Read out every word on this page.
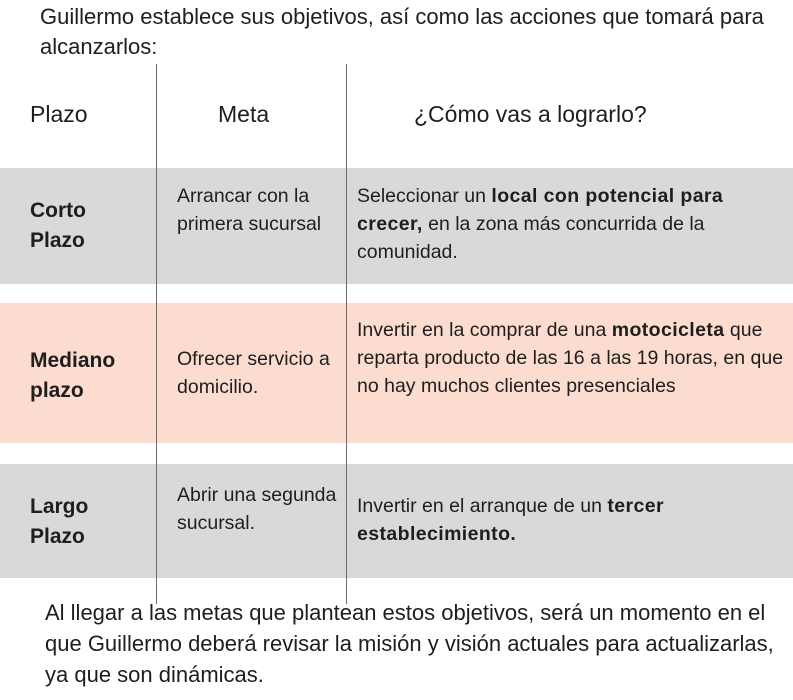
Guillermo establece sus objetivos, así como las acciones que tomará para alcanzarlos:
Plazo	Meta	¿Cómo vas a lograrlo?
Corto
Plazo
Arrancar con la primera sucursal
Seleccionar un local con potencial para crecer, en la zona más concurrida de la comunidad.
Mediano
plazo
Ofrecer servicio a domicilio.
Invertir en la comprar de una motocicleta que reparta producto de las 16 a las 19 horas, en que no hay muchos clientes presenciales
Largo
Plazo
Abrir una segunda sucursal.
Invertir en el arranque de un tercer establecimiento.
Al llegar a las metas que plantean estos objetivos, será un momento en el que Guillermo deberá revisar la misión y visión actuales para actualizarlas, ya que son dinámicas.
